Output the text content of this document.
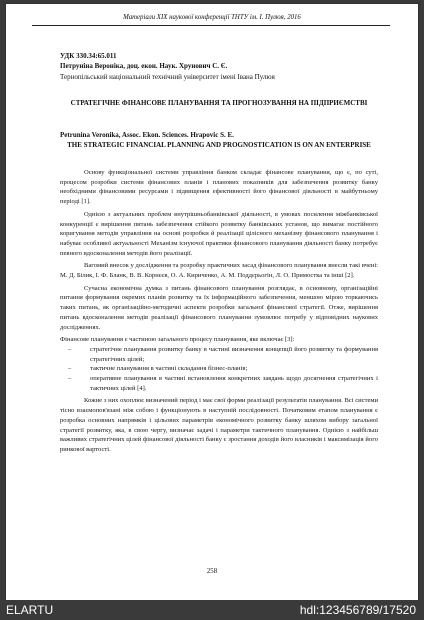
Матеріали ХІХ наукової конференції ТНТУ ім. І. Пулюя, 2016
УДК 330.34:65.011
Петруніна Вероніка, доц. екон. Наук. Хрунович С. Є.
Тернопільський національний технічний університет імені Івана Пулюя
СТРАТЕГІЧНЕ ФІНАНСОВЕ ПЛАНУВАННЯ ТА ПРОГНОЗУВАННЯ НА ПІДПРИЄМСТВІ
Petrunina Veronika, Assoc. Ekon. Sciences. Hrapovic S. E.
THE STRATEGIC FINANCIAL PLANNING AND PROGNOSTICATION IS ON AN ENTERPRISE

Основу функціональної системи управління банком складає фінансове планування, що є, по суті, процесом розробки системи фінансових планів і планових показників для забезпечення розвитку банку необхідними фінансовими ресурсами і підвищення ефективності його фінансової діяльності в майбутньому періоді [1].

Однією з актуальних проблем внутрішньобанківської діяльності, в умовах посилення міжбанківської конкуренції є вирішення питань забезпечення стійкого розвитку банківських установ, що вимагає постійного коригування методів управління на основі розробки й реалізації цілісного механізму фінансового планування і набуває особливої актуальності Механізм існуючої практики фінансового планування діяльності банку потребує певного вдосконалення методів його реалізації.

Вагомий внесок у дослідження та розробку практичних засад фінансового планування внесли такі вчені: М. Д. Білик, І. Ф. Бланк, В. В. Корнєєв, О. А. Кириченко, А. М. Поддєрьогін, Л. О. Примостка та інші [2].

Сучасна економічна думка з питань фінансового планування розглядає, в основному, організаційні питання формування окремих планів розвитку та їх інформаційного забезпечення, меншою мірою торкаючись таких питань, як організаційно-методичні аспекти розробки загальної фінансової стратегії. Отже, вирішення питань вдосконалення методів реалізації фінансового планування зумовлює потребу у відповідних наукових дослідженнях.

Фінансове планування є частиною загального процесу планування, яке включає [3]:

–	стратегічне планування розвитку банку в частині визначення концепції його розвитку та формування стратегічних цілей;
–	тактичне планування в частині складання бізнес-планів;
–	оперативне планування в частині встановлення конкретних завдань щодо досягнення стратегічних і тактичних цілей [4].

Кожне з них охоплює визначений період і має свої форми реалізації результатів планування. Всі системи тісно взаємопов'язані між собою і функціонують в наступній послідовності. Початковим етапом планування є розробка основних напрямків і цільових параметрів економічного розвитку банку шляхом вибору загальної стратегії розвитку, яка, в свою чергу, визначає задачі і параметри тактичного планування. Однією з найбільш важливих стратегічних цілей фінансової діяльності банку є зростання доходів його власників і максимізація його ринкової вартості.

258
ELARTU	hdl:123456789/17520
